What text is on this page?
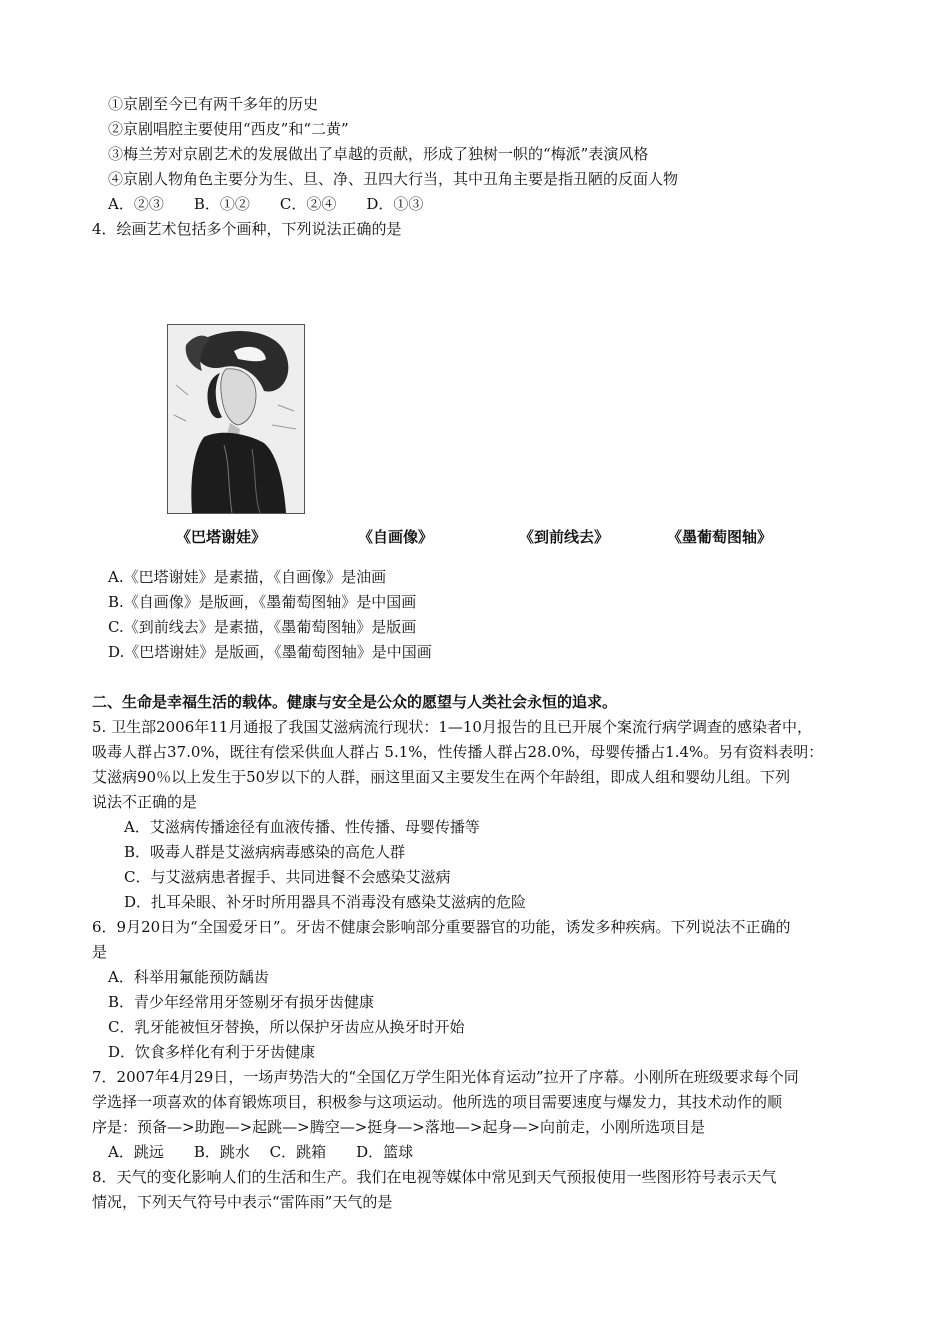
①京剧至今已有两千多年的历史
②京剧唱腔主要使用“西皮”和“二黄”
③梅兰芳对京剧艺术的发展做出了卓越的贡献，形成了独树一帜的“梅派”表演风格
④京剧人物角色主要分为生、旦、净、丑四大行当，其中丑角主要是指丑陋的反面人物
A．②③　　B．①②　　C．②④　　D．①③
4．绘画艺术包括多个画种，下列说法正确的是
《巴塔谢娃》	《自画像》	《到前线去》	《墨葡萄图轴》
A.《巴塔谢娃》是素描，《自画像》是油画
B.《自画像》是版画，《墨葡萄图轴》是中国画
C.《到前线去》是素描，《墨葡萄图轴》是版画
D.《巴塔谢娃》是版画，《墨葡萄图轴》是中国画
二、生命是幸福生活的载体。健康与安全是公众的愿望与人类社会永恒的追求。
5. 卫生部2006年11月通报了我国艾滋病流行现状：1—10月报告的且已开展个案流行病学调查的感染者中，
吸毒人群占37.0%，既往有偿采供血人群占 5.1%，性传播人群占28.0%，母婴传播占1.4%。另有资料表明：
艾滋病90％以上发生于50岁以下的人群，丽这里面又主要发生在两个年龄组，即成人组和婴幼儿组。下列
说法不正确的是
A．艾滋病传播途径有血液传播、性传播、母婴传播等
B．吸毒人群是艾滋病病毒感染的高危人群
C．与艾滋病患者握手、共同进餐不会感染艾滋病
D．扎耳朵眼、补牙时所用器具不消毒没有感染艾滋病的危险
6．9月20日为“全国爱牙日”。牙齿不健康会影响部分重要器官的功能，诱发多种疾病。下列说法不正确的
是
A．科举用氟能预防龋齿
B．青少年经常用牙签剔牙有损牙齿健康
C．乳牙能被恒牙替换，所以保护牙齿应从换牙时开始
D．饮食多样化有利于牙齿健康
7．2007年4月29日，一场声势浩大的“全国亿万学生阳光体育运动”拉开了序幕。小刚所在班级要求每个同
学选择一项喜欢的体育锻炼项目，积极参与这项运动。他所选的项目需要速度与爆发力，其技术动作的顺
序是：预备—>助跑—>起跳—>腾空—>挺身—>落地—>起身—>向前走，小刚所选项目是
A．跳远　　B．跳水　 C．跳箱　　D．篮球
8．天气的变化影响人们的生活和生产。我们在电视等媒体中常见到天气预报使用一些图形符号表示天气
情况，下列天气符号中表示“雷阵雨”天气的是
